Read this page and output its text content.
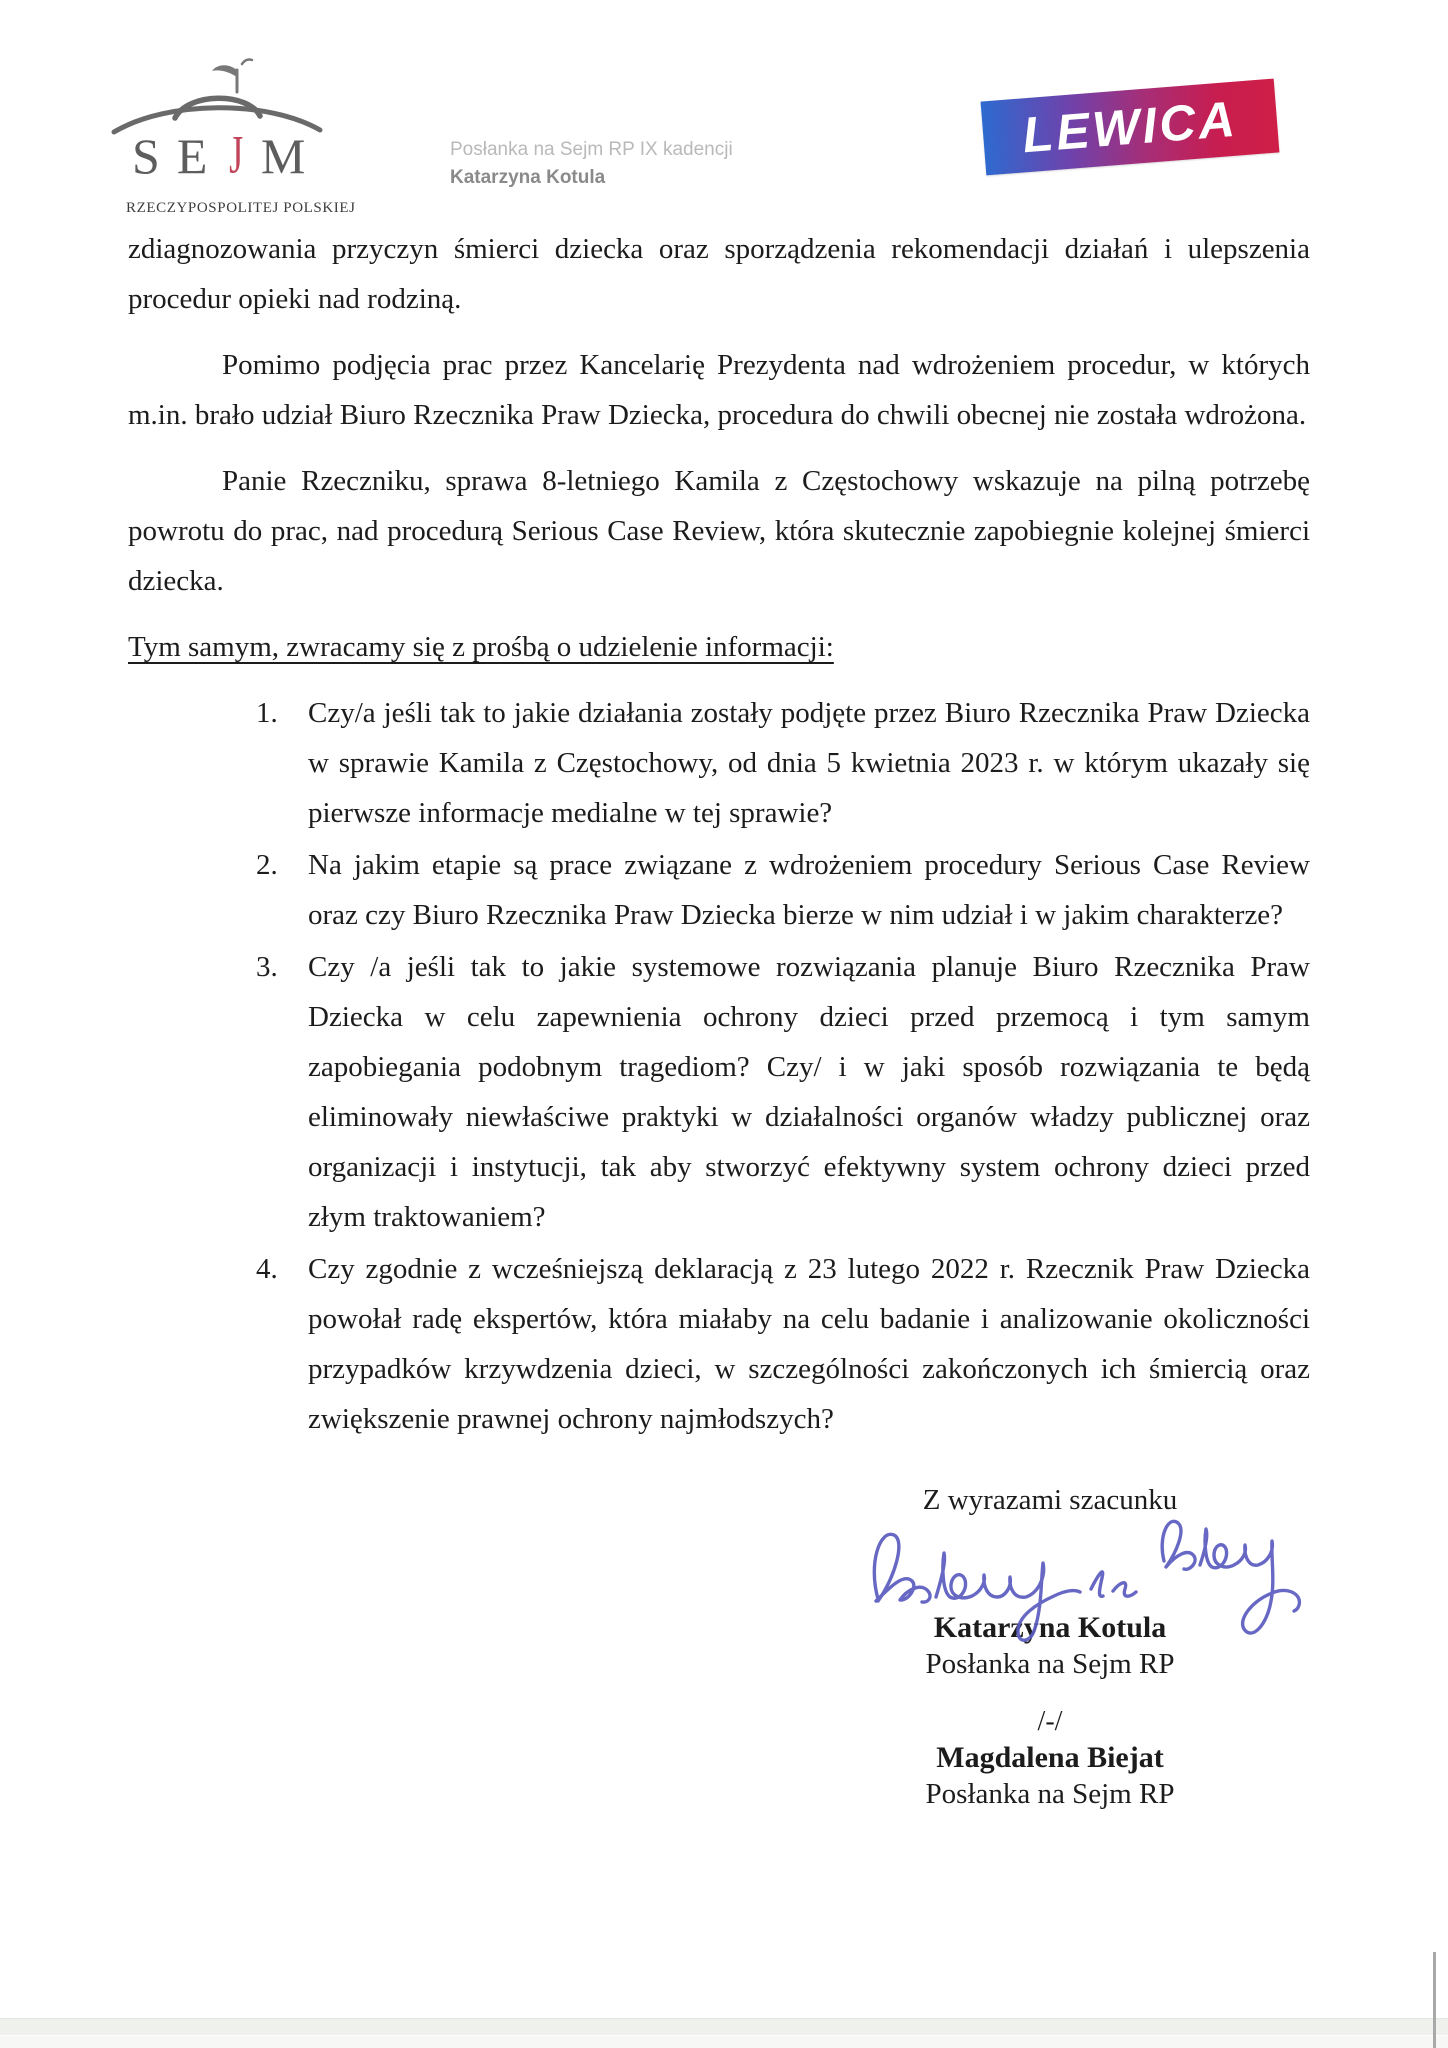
SE J M
RZECZYPOSPOLITEJ POLSKIEJ
Posłanka na Sejm RP IX kadencji
Katarzyna Kotula
LEWICA

zdiagnozowania przyczyn śmierci dziecka oraz sporządzenia rekomendacji działań i ulepszenia procedur opieki nad rodziną.

Pomimo podjęcia prac przez Kancelarię Prezydenta nad wdrożeniem procedur, w których m.in. brało udział Biuro Rzecznika Praw Dziecka, procedura do chwili obecnej nie została wdrożona.

Panie Rzeczniku, sprawa 8-letniego Kamila z Częstochowy wskazuje na pilną potrzebę powrotu do prac, nad procedurą Serious Case Review, która skutecznie zapobiegnie kolejnej śmierci dziecka.

Tym samym, zwracamy się z prośbą o udzielenie informacji:

1.	Czy/a jeśli tak to jakie działania zostały podjęte przez Biuro Rzecznika Praw Dziecka w sprawie Kamila z Częstochowy, od dnia 5 kwietnia 2023 r. w którym ukazały się pierwsze informacje medialne w tej sprawie?
2.	Na jakim etapie są prace związane z wdrożeniem procedury Serious Case Review oraz czy Biuro Rzecznika Praw Dziecka bierze w nim udział i w jakim charakterze?
3.	Czy /a jeśli tak to jakie systemowe rozwiązania planuje Biuro Rzecznika Praw Dziecka w celu zapewnienia ochrony dzieci przed przemocą i tym samym zapobiegania podobnym tragediom? Czy/ i w jaki sposób rozwiązania te będą eliminowały niewłaściwe praktyki w działalności organów władzy publicznej oraz organizacji i instytucji, tak aby stworzyć efektywny system ochrony dzieci przed złym traktowaniem?
4.	Czy zgodnie z wcześniejszą deklaracją z 23 lutego 2022 r. Rzecznik Praw Dziecka powołał radę ekspertów, która miałaby na celu badanie i analizowanie okoliczności przypadków krzywdzenia dzieci, w szczególności zakończonych ich śmiercią oraz zwiększenie prawnej ochrony najmłodszych?
Z wyrazami szacunku
Katarzyna Kotula
Posłanka na Sejm RP
/-/
Magdalena Biejat
Posłanka na Sejm RP
